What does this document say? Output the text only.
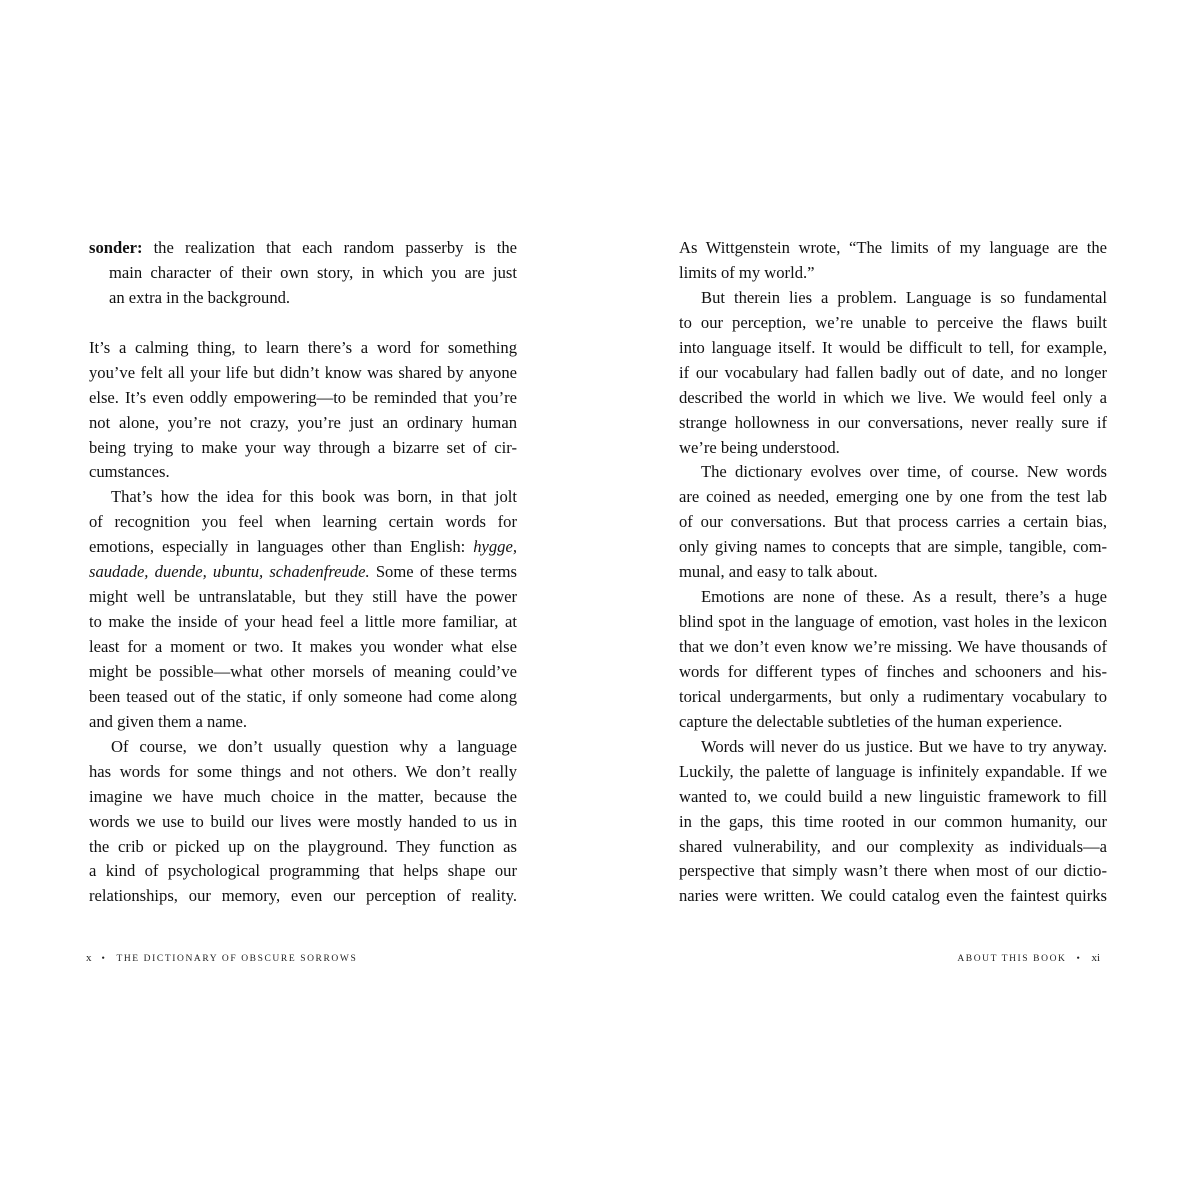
sonder: the realization that each random passerby is the
main character of their own story, in which you are just
an extra in the background.
It’s a calming thing, to learn there’s a word for something
you’ve felt all your life but didn’t know was shared by anyone
else. It’s even oddly empowering—to be reminded that you’re
not alone, you’re not crazy, you’re just an ordinary human
being trying to make your way through a bizarre set of cir-
cumstances.
That’s how the idea for this book was born, in that jolt
of recognition you feel when learning certain words for
emotions, especially in languages other than English: hygge,
saudade, duende, ubuntu, schadenfreude. Some of these terms
might well be untranslatable, but they still have the power
to make the inside of your head feel a little more familiar, at
least for a moment or two. It makes you wonder what else
might be possible—what other morsels of meaning could’ve
been teased out of the static, if only someone had come along
and given them a name.
Of course, we don’t usually question why a language
has words for some things and not others. We don’t really
imagine we have much choice in the matter, because the
words we use to build our lives were mostly handed to us in
the crib or picked up on the playground. They function as
a kind of psychological programming that helps shape our
relationships, our memory, even our perception of reality.
x • THE DICTIONARY OF OBSCURE SORROWS
As Wittgenstein wrote, “The limits of my language are the
limits of my world.”
But therein lies a problem. Language is so fundamental
to our perception, we’re unable to perceive the flaws built
into language itself. It would be difficult to tell, for example,
if our vocabulary had fallen badly out of date, and no longer
described the world in which we live. We would feel only a
strange hollowness in our conversations, never really sure if
we’re being understood.
The dictionary evolves over time, of course. New words
are coined as needed, emerging one by one from the test lab
of our conversations. But that process carries a certain bias,
only giving names to concepts that are simple, tangible, com-
munal, and easy to talk about.
Emotions are none of these. As a result, there’s a huge
blind spot in the language of emotion, vast holes in the lexicon
that we don’t even know we’re missing. We have thousands of
words for different types of finches and schooners and his-
torical undergarments, but only a rudimentary vocabulary to
capture the delectable subtleties of the human experience.
Words will never do us justice. But we have to try anyway.
Luckily, the palette of language is infinitely expandable. If we
wanted to, we could build a new linguistic framework to fill
in the gaps, this time rooted in our common humanity, our
shared vulnerability, and our complexity as individuals—a
perspective that simply wasn’t there when most of our dictio-
naries were written. We could catalog even the faintest quirks
ABOUT THIS BOOK • xi
